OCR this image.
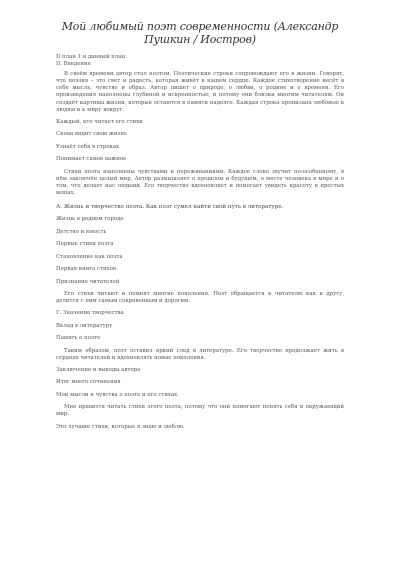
Мой любимый поэт современности (Александр Пушкин / Иостров)
II план 1 и данный план.
II. Введение
В своём времени автор стал поэтом. Поэтические строки сопровождают его в жизни. Говорят, что поэзия – это свет и радость, которая живёт в нашем сердце. Каждое стихотворение несёт в себе мысль, чувство и образ. Автор пишет о природе, о любви, о родине и о времени. Его произведения наполнены глубиной и искренностью, и потому они близки многим читателям. Он создаёт картины жизни, которые остаются в памяти надолго. Каждая строка пронизана любовью к людям и к миру вокруг.
Каждый, кто читает его стихи
Снова видит свою жизнь
Узнаёт себя в строках
Понимает самое важное
Стихи поэта наполнены чувствами и переживаниями. Каждое слово звучит по-особенному, в нём заключён целый мир. Автор размышляет о прошлом и будущем, о месте человека в мире и о том, что делает нас людьми. Его творчество вдохновляет и помогает увидеть красоту в простых вещах.
А. Жизнь и творчество поэта. Как поэт сумел найти свой путь в литературе.
Жизнь в родном городе
Детство и юность
Первые стихи поэта
Становление как поэта
Первая книга стихов
Признание читателей
Его стихи читают и помнят многие поколения. Поэт обращается к читателю как к другу, делится с ним самым сокровенным и дорогим.
Г. Значение творчества
Вклад в литературу
Память о поэте
Таким образом, поэт оставил яркий след в литературе. Его творчество продолжает жить в сердцах читателей и вдохновлять новые поколения.
Заключение и выводы автора
Итог моего сочинения
Мои мысли и чувства о поэте и его стихах.
Мне нравится читать стихи этого поэта, потому что они помогают понять себя и окружающий мир.
Это лучшие стихи, которые я знаю и люблю.
